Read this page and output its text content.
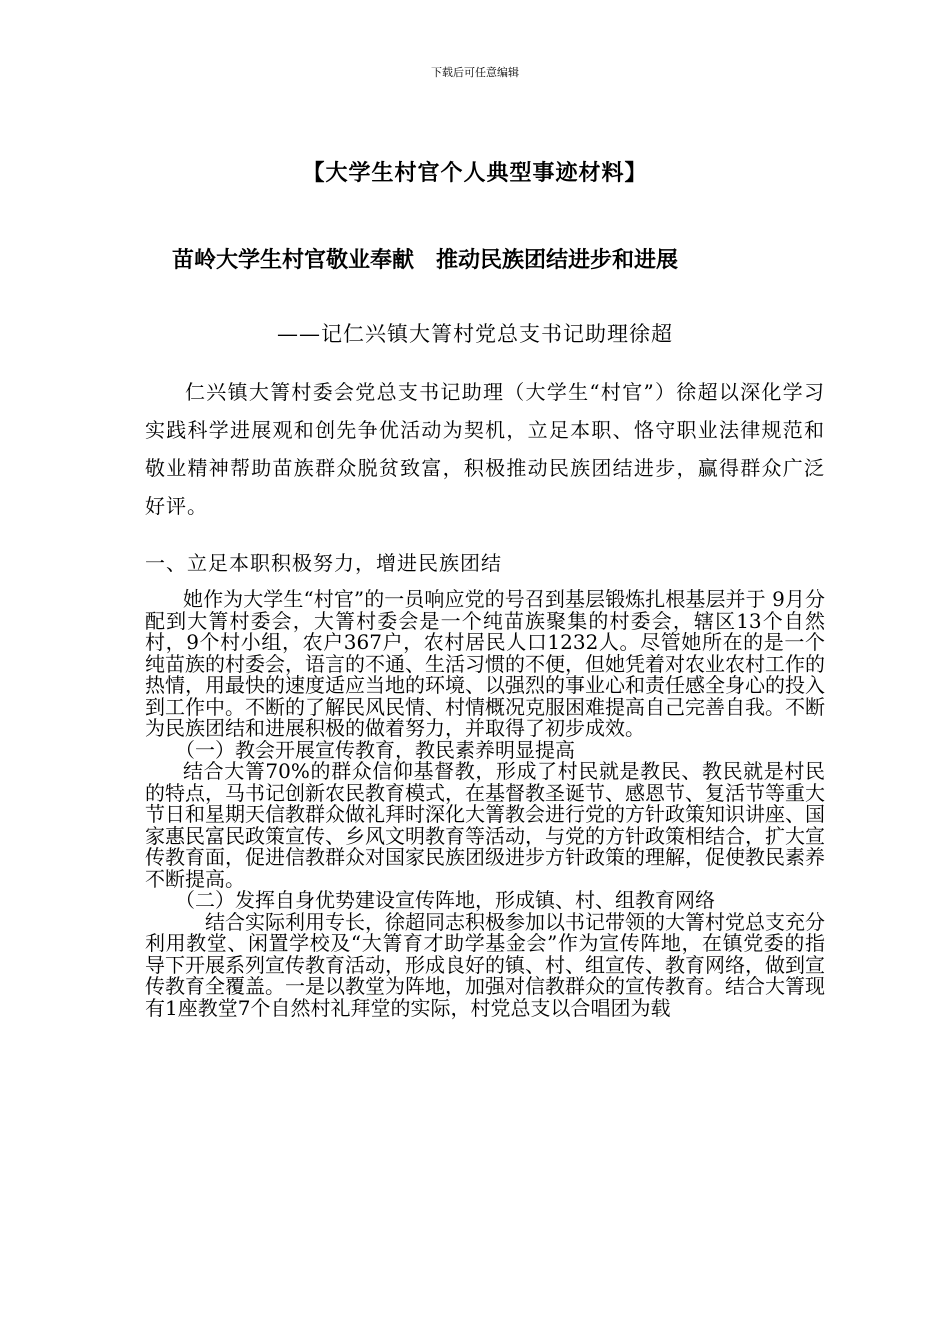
下载后可任意编辑
【大学生村官个人典型事迹材料】
苗岭大学生村官敬业奉献　推动民族团结进步和进展
——记仁兴镇大箐村党总支书记助理徐超

仁兴镇大箐村委会党总支书记助理（大学生“村官”）徐超以深化学习实践科学进展观和创先争优活动为契机，立足本职、恪守职业法律规范和敬业精神帮助苗族群众脱贫致富，积极推动民族团结进步，赢得群众广泛好评。

一、立足本职积极努力，增进民族团结

她作为大学生“村官”的一员响应党的号召到基层锻炼扎根基层并于 9月分配到大箐村委会，大箐村委会是一个纯苗族聚集的村委会，辖区13个自然村，9个村小组，农户367户，农村居民人口1232人。尽管她所在的是一个纯苗族的村委会，语言的不通、生活习惯的不便，但她凭着对农业农村工作的热情，用最快的速度适应当地的环境、以强烈的事业心和责任感全身心的投入到工作中。不断的了解民风民情、村情概况克服困难提高自己完善自我。不断为民族团结和进展积极的做着努力，并取得了初步成效。

（一）教会开展宣传教育，教民素养明显提高

结合大箐70%的群众信仰基督教，形成了村民就是教民、教民就是村民的特点，马书记创新农民教育模式，在基督教圣诞节、感恩节、复活节等重大节日和星期天信教群众做礼拜时深化大箐教会进行党的方针政策知识讲座、国家惠民富民政策宣传、乡风文明教育等活动，与党的方针政策相结合，扩大宣传教育面，促进信教群众对国家民族团级进步方针政策的理解，促使教民素养不断提高。

（二）发挥自身优势建设宣传阵地，形成镇、村、组教育网络

结合实际利用专长，徐超同志积极参加以书记带领的大箐村党总支充分利用教堂、闲置学校及“大箐育才助学基金会”作为宣传阵地，在镇党委的指导下开展系列宣传教育活动，形成良好的镇、村、组宣传、教育网络，做到宣传教育全覆盖。一是以教堂为阵地，加强对信教群众的宣传教育。结合大箐现有1座教堂7个自然村礼拜堂的实际，村党总支以合唱团为载
